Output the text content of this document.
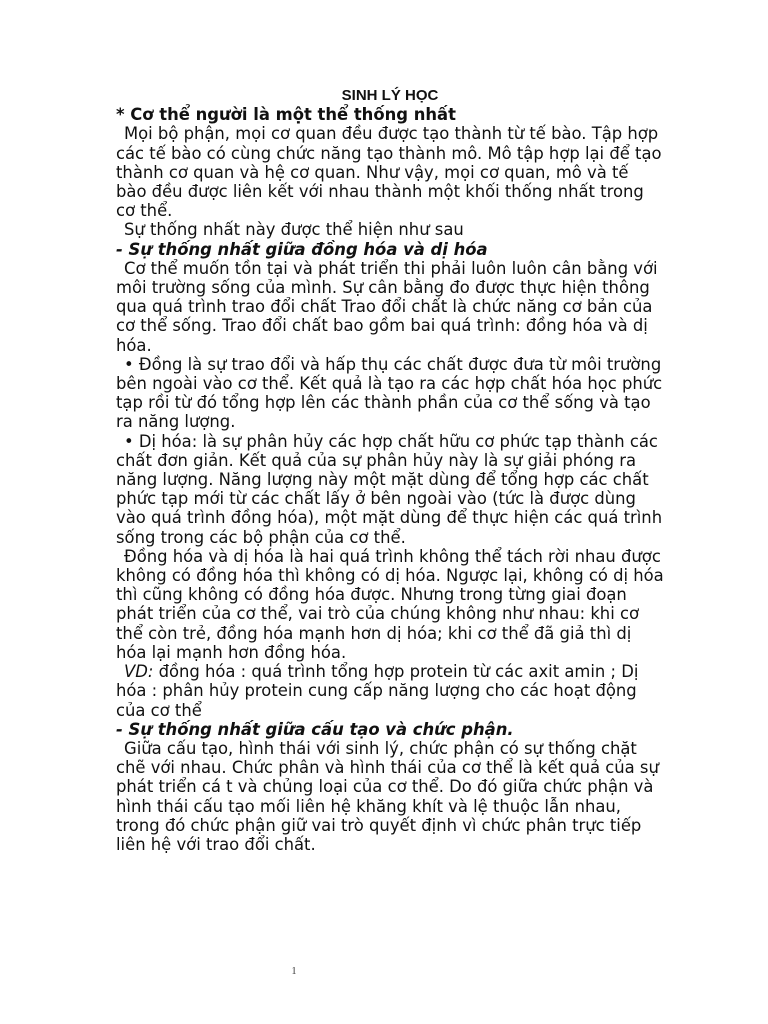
SINH LÝ HỌC

* Cơ thể người là một thể thống nhất

Mọi bộ phận, mọi cơ quan đều được tạo thành từ tế bào. Tập hợp các tế bào có cùng chức năng tạo thành mô. Mô tập hợp lại để tạo thành cơ quan và hệ cơ quan. Như vậy, mọi cơ quan, mô và tế bào đều được liên kết với nhau thành một khối thống nhất trong cơ thể.

Sự thống nhất này được thể hiện như sau

- Sự thống nhất giữa đồng hóa và dị hóa

Cơ thể muốn tồn tại và phát triển thi phải luôn luôn cân bằng với môi trường sống của mình. Sự cân bằng đo được thực hiện thông qua quá trình trao đổi chất Trao đổi chất là chức năng cơ bản của cơ thể sống. Trao đổi chất bao gồm bai quá trình: đồng hóa và dị hóa.

• Đồng là sự trao đổi và hấp thụ các chất được đưa từ môi trường bên ngoài vào cơ thể. Kết quả là tạo ra các hợp chất hóa học phức tạp rồi từ đó tổng hợp lên các thành phần của cơ thể sống và tạo ra năng lượng.

• Dị hóa: là sự phân hủy các hợp chất hữu cơ phức tạp thành các chất đơn giản. Kết quả của sự phân hủy này là sự giải phóng ra năng lượng. Năng lượng này một mặt dùng để tổng hợp các chất phức tạp mới từ các chất lấy ở bên ngoài vào (tức là được dùng vào quá trình đồng hóa), một mặt dùng để thực hiện các quá trình sống trong các bộ phận của cơ thể.

Đồng hóa và dị hóa là hai quá trình không thể tách rời nhau được không có đồng hóa thì không có dị hóa. Ngược lại, không có dị hóa thì cũng không có đồng hóa được. Nhưng trong từng giai đoạn phát triển của cơ thể, vai trò của chúng không như nhau: khi cơ thể còn trẻ, đồng hóa mạnh hơn dị hóa; khi cơ thể đã giả thì dị hóa lại mạnh hơn đồng hóa.

VD: đồng hóa : quá trình tổng hợp protein từ các axit amin ; Dị hóa : phân hủy protein cung cấp năng lượng cho các hoạt động của cơ thể

- Sự thống nhất giữa cấu tạo và chức phận.

Giữa cấu tạo, hình thái với sinh lý, chức phận có sự thống chặt chẽ với nhau. Chức phân và hình thái của cơ thể là kết quả của sự phát triển cá t và chủng loại của cơ thể. Do đó giữa chức phận và hình thái cấu tạo mối liên hệ khăng khít và lệ thuộc lẫn nhau, trong đó chức phận giữ vai trò quyết định vì chức phân trực tiếp liên hệ với trao đổi chất.

1
